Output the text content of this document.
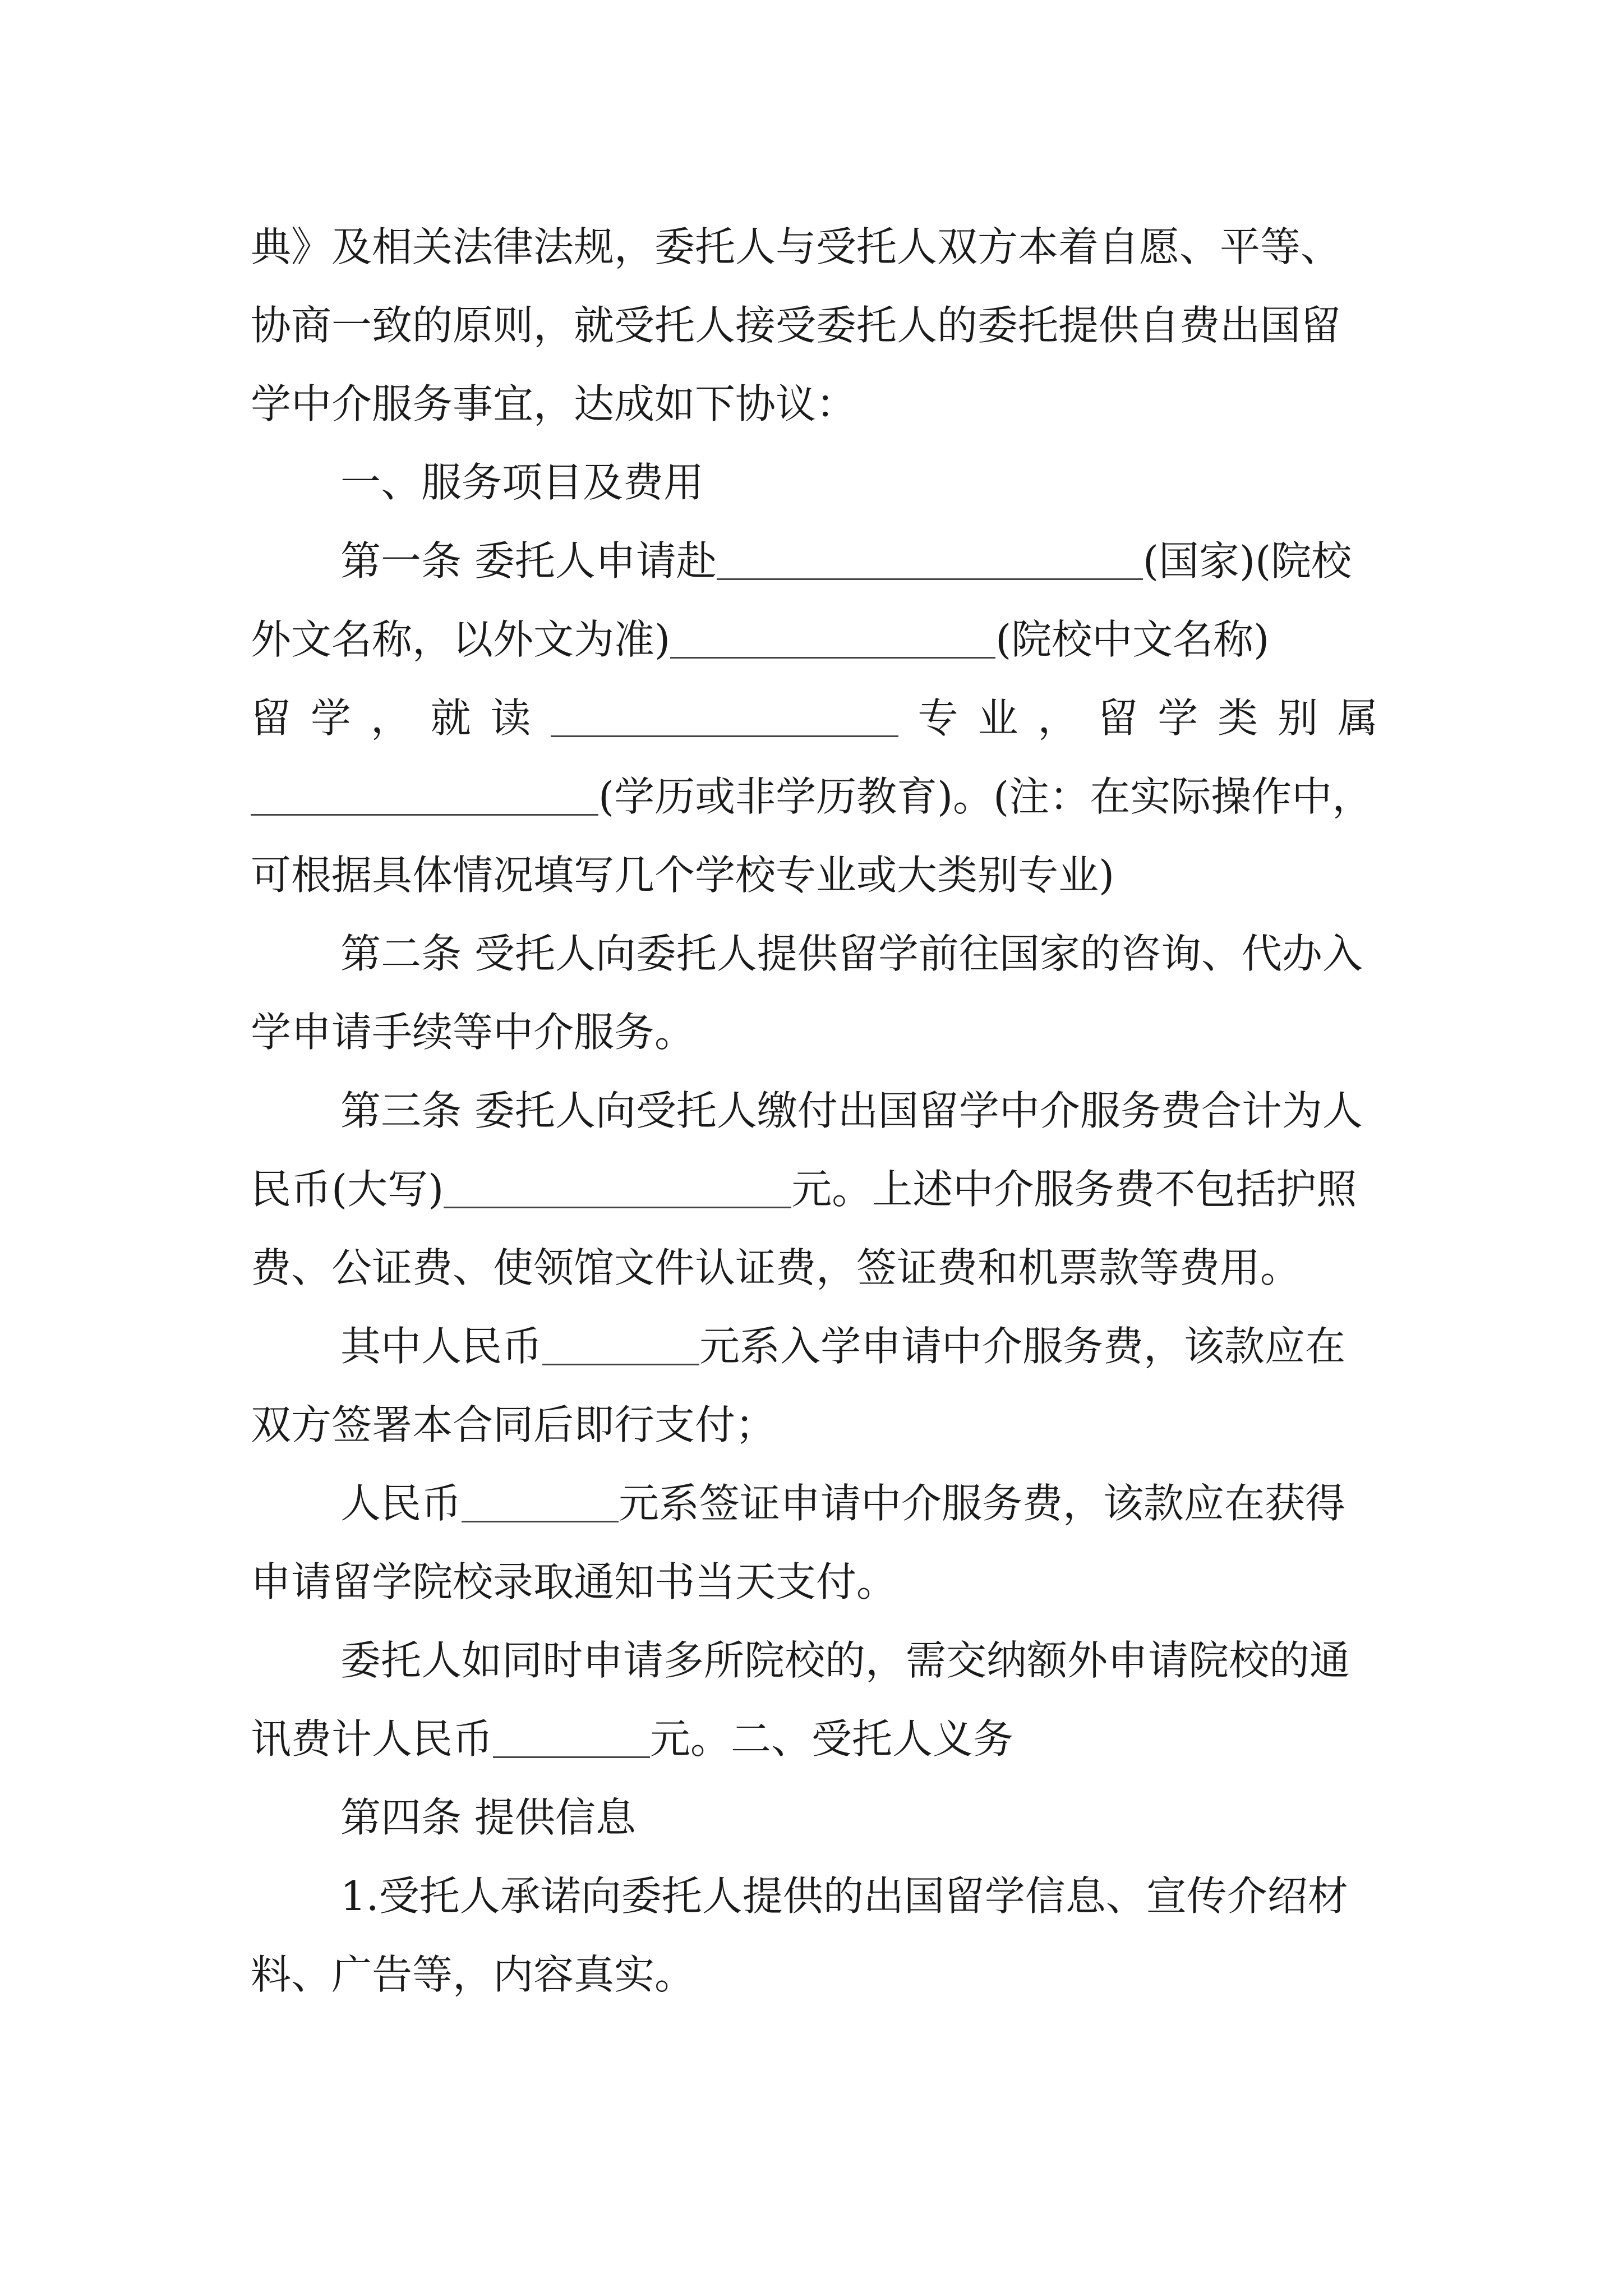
典》及相关法律法规，委托人与受托人双方本着自愿、平等、协商一致的原则，就受托人接受委托人的委托提供自费出国留学中介服务事宜，达成如下协议：

一、服务项目及费用

第一条 委托人申请赴	(国家)(院校外文名称，以外文为准)	(院校中文名称)

留学，就读	专业，留学类别属

(学历或非学历教育)。(注：在实际操作中，可根据具体情况填写几个学校专业或大类别专业)

第二条 受托人向委托人提供留学前往国家的咨询、代办入学申请手续等中介服务。

第三条 委托人向受托人缴付出国留学中介服务费合计为人民币(大写)	元。上述中介服务费不包括护照费、公证费、使领馆文件认证费，签证费和机票款等费用。

其中人民币	元系入学申请中介服务费，该款应在双方签署本合同后即行支付；

人民币	元系签证申请中介服务费，该款应在获得申请留学院校录取通知书当天支付。

委托人如同时申请多所院校的，需交纳额外申请院校的通讯费计人民币	元。二、受托人义务

第四条 提供信息

1.受托人承诺向委托人提供的出国留学信息、宣传介绍材料、广告等，内容真实。
